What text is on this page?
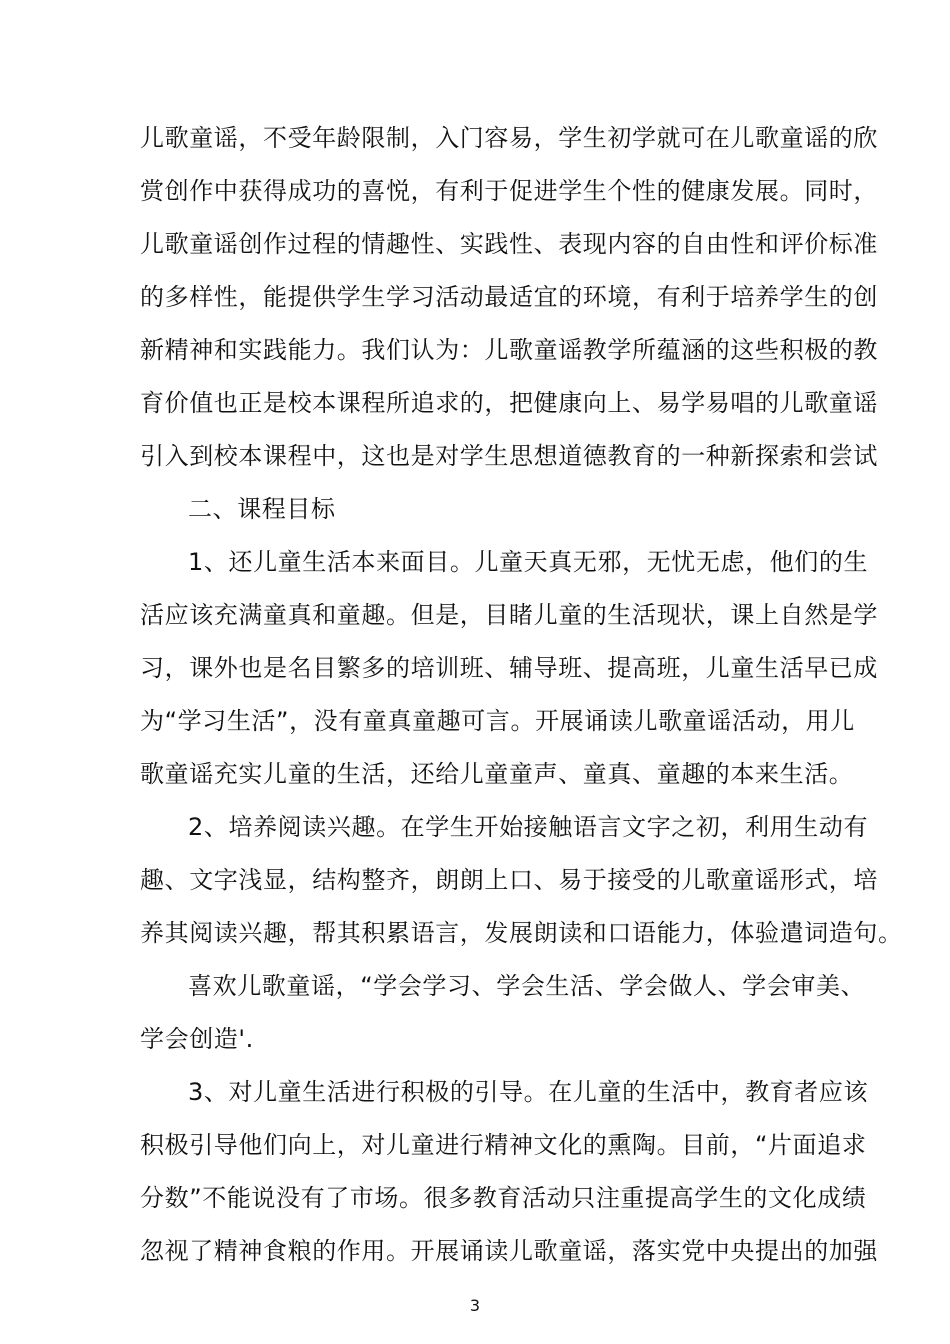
儿歌童谣，不受年龄限制，入门容易，学生初学就可在儿歌童谣的欣
赏创作中获得成功的喜悦，有利于促进学生个性的健康发展。同时，
儿歌童谣创作过程的情趣性、实践性、表现内容的自由性和评价标准
的多样性，能提供学生学习活动最适宜的环境，有利于培养学生的创
新精神和实践能力。我们认为：儿歌童谣教学所蕴涵的这些积极的教
育价值也正是校本课程所追求的，把健康向上、易学易唱的儿歌童谣
引入到校本课程中，这也是对学生思想道德教育的一种新探索和尝试
二、课程目标
1、还儿童生活本来面目。儿童天真无邪，无忧无虑，他们的生
活应该充满童真和童趣。但是，目睹儿童的生活现状，课上自然是学
习，课外也是名目繁多的培训班、辅导班、提高班，儿童生活早已成
为“学习生活”，没有童真童趣可言。开展诵读儿歌童谣活动，用儿
歌童谣充实儿童的生活，还给儿童童声、童真、童趣的本来生活。
2、培养阅读兴趣。在学生开始接触语言文字之初，利用生动有
趣、文字浅显，结构整齐，朗朗上口、易于接受的儿歌童谣形式，培
养其阅读兴趣，帮其积累语言，发展朗读和口语能力，体验遣词造句。
喜欢儿歌童谣，“学会学习、学会生活、学会做人、学会审美、
学会创造'.
3、对儿童生活进行积极的引导。在儿童的生活中，教育者应该
积极引导他们向上，对儿童进行精神文化的熏陶。目前，“片面追求
分数”不能说没有了市场。很多教育活动只注重提高学生的文化成绩
忽视了精神食粮的作用。开展诵读儿歌童谣，落实党中央提出的加强
3
